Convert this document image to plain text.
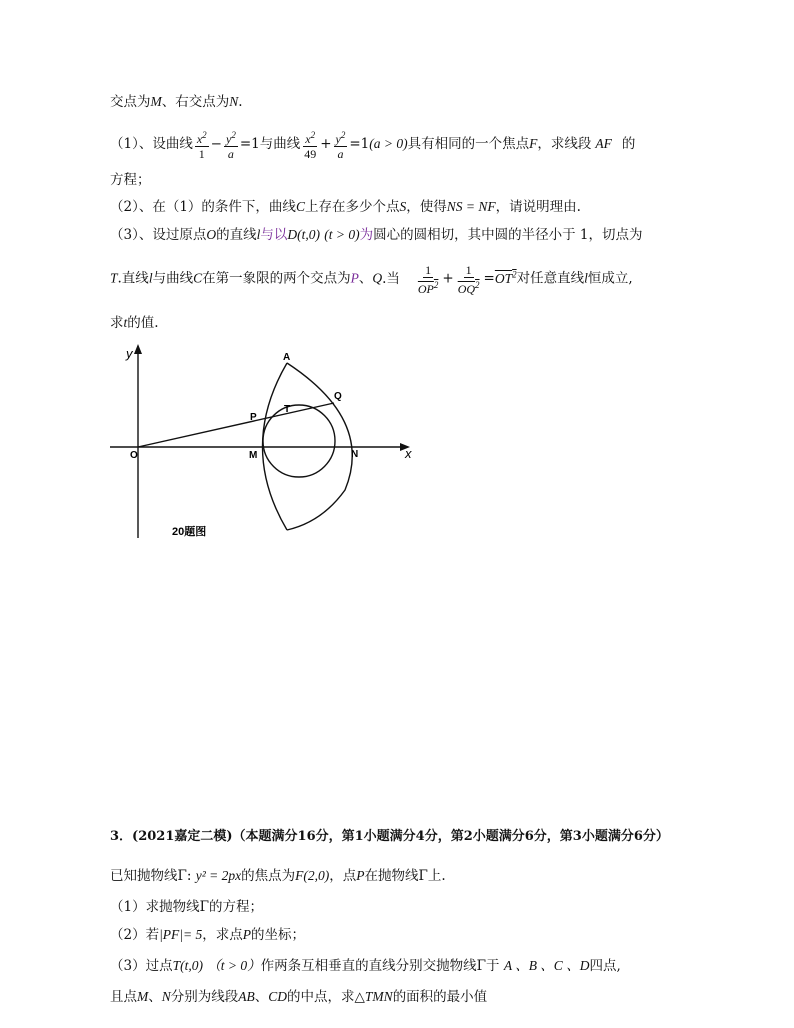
交点为M、右交点为N.
（1）、设曲线 $\frac{x^2}{1} - \frac{y^2}{a} =1$与曲线 $\frac{x^2}{49} + \frac{y^2}{a} =1(a > 0)$具有相同的一个焦点F，求线段 AF 的
方程；
（2）、在（1）的条件下，曲线C上存在多少个点S，使得NS = NF，请说明理由.
（3）、设过原点O的直线l与以D(t,0) (t > 0)为圆心的圆相切，其中圆的半径小于 1，切点为
T.直线l与曲线C在第一象限的两个交点为P、Q.当 $\frac{1}{OP^2} + \frac{1}{OQ^2} =OT^2$对任意直线l恒成立,
求t的值.
y
x
O	M	N
A
P
T
Q
20题图
3．(2021嘉定二模)（本题满分16分，第1小题满分4分，第2小题满分6分，第3小题满分6分）
已知抛物线Γ: y² = 2px的焦点为F(2,0)，点P在抛物线Γ上.
（1）求抛物线Γ的方程；
（2）若|PF|= 5，求点P的坐标；
（3）过点T(t,0) （t > 0）作两条互相垂直的直线分别交抛物线Γ于 A 、B 、C 、D四点,
且点M、N分别为线段AB、CD的中点，求△TMN的面积的最小值
